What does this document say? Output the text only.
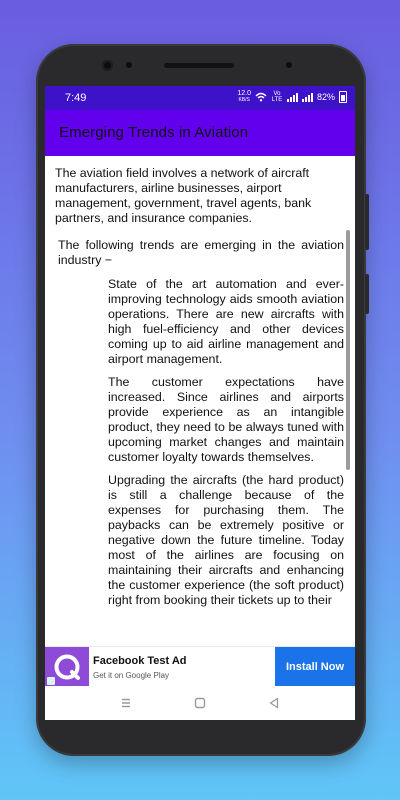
7:49	12.0
KB/S
Vo LTE	82%
Emerging Trends in Aviation

The aviation field involves a network of aircraft manufacturers, airline businesses, airport management, government, travel agents, bank partners, and insurance companies.

The following trends are emerging in the aviation industry −

State of the art automation and ever-improving technology aids smooth aviation operations. There are new aircrafts with high fuel-efficiency and other devices coming up to aid airline management and airport management.

The customer expectations have increased. Since airlines and airports provide experience as an intangible product, they need to be always tuned with upcoming market changes and maintain customer loyalty towards themselves.

Upgrading the aircrafts (the hard product) is still a challenge because of the expenses for purchasing them. The paybacks can be extremely positive or negative down the future timeline. Today most of the airlines are focusing on maintaining their aircrafts and enhancing the customer experience (the soft product) right from booking their tickets up to their

Facebook Test Ad
Get it on Google Play
Install Now
